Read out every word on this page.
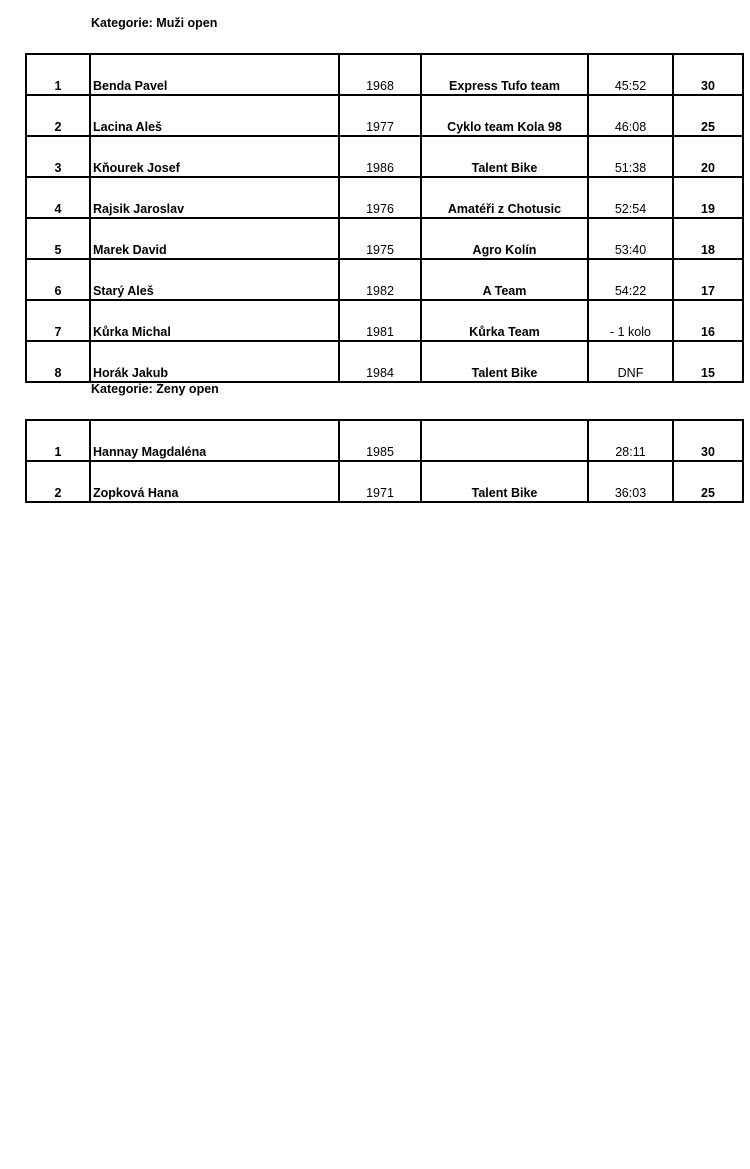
Kategorie: Muži open
1	Benda Pavel	1968	Express Tufo team	45:52	30
2	Lacina Aleš	1977	Cyklo team Kola 98	46:08	25
3	Kňourek Josef	1986	Talent Bike	51:38	20
4	Rajsik Jaroslav	1976	Amatéři z Chotusic	52:54	19
5	Marek David	1975	Agro Kolín	53:40	18
6	Starý Aleš	1982	A Team	54:22	17
7	Kůrka Michal	1981	Kůrka Team	- 1 kolo	16
8	Horák Jakub	1984	Talent Bike	DNF	15
Kategorie: Ženy open
1	Hannay Magdaléna	1985		28:11	30
2	Zopková Hana	1971	Talent Bike	36:03	25
